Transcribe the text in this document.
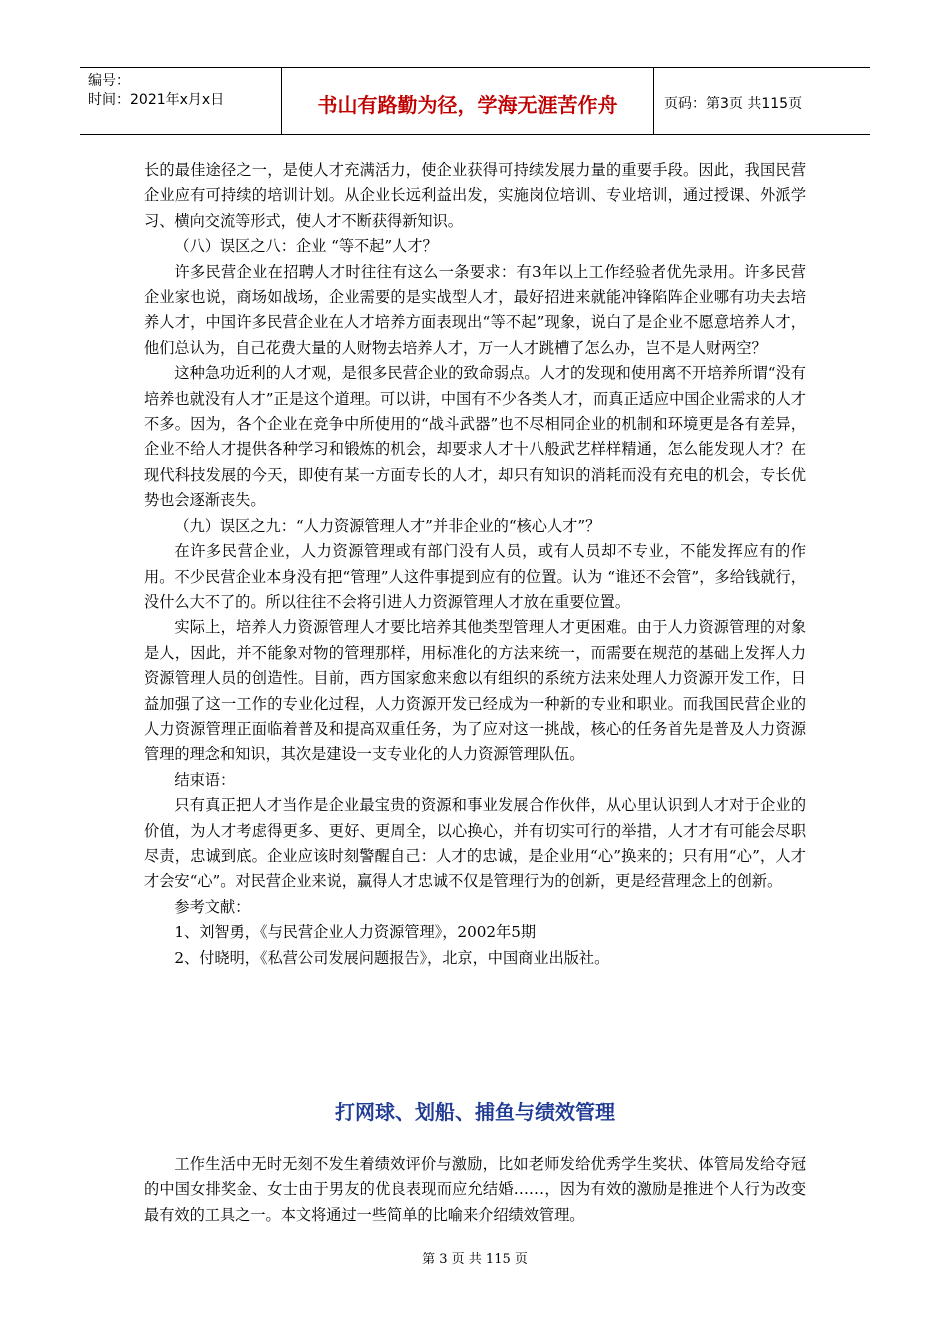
编号：
时间：2021年x月x日	书山有路勤为径，学海无涯苦作舟	页码：第3页 共115页

长的最佳途径之一，是使人才充满活力，使企业获得可持续发展力量的重要手段。因此，我国民营企业应有可持续的培训计划。从企业长远利益出发，实施岗位培训、专业培训，通过授课、外派学习、横向交流等形式，使人才不断获得新知识。

（八）误区之八：企业 “等不起”人才？

许多民营企业在招聘人才时往往有这么一条要求：有3年以上工作经验者优先录用。许多民营企业家也说，商场如战场，企业需要的是实战型人才，最好招进来就能冲锋陷阵企业哪有功夫去培养人才，中国许多民营企业在人才培养方面表现出“等不起”现象，说白了是企业不愿意培养人才，他们总认为，自己花费大量的人财物去培养人才，万一人才跳槽了怎么办，岂不是人财两空？

这种急功近利的人才观，是很多民营企业的致命弱点。人才的发现和使用离不开培养所谓“没有培养也就没有人才”正是这个道理。可以讲，中国有不少各类人才，而真正适应中国企业需求的人才不多。因为，各个企业在竞争中所使用的“战斗武器”也不尽相同企业的机制和环境更是各有差异，企业不给人才提供各种学习和锻炼的机会，却要求人才十八般武艺样样精通，怎么能发现人才？在现代科技发展的今天，即使有某一方面专长的人才，却只有知识的消耗而没有充电的机会，专长优势也会逐渐丧失。

（九）误区之九：“人力资源管理人才”并非企业的“核心人才”？

在许多民营企业，人力资源管理或有部门没有人员，或有人员却不专业，不能发挥应有的作用。不少民营企业本身没有把“管理”人这件事提到应有的位置。认为 “谁还不会管”，多给钱就行，没什么大不了的。所以往往不会将引进人力资源管理人才放在重要位置。

实际上，培养人力资源管理人才要比培养其他类型管理人才更困难。由于人力资源管理的对象是人，因此，并不能象对物的管理那样，用标准化的方法来统一，而需要在规范的基础上发挥人力资源管理人员的创造性。目前，西方国家愈来愈以有组织的系统方法来处理人力资源开发工作，日益加强了这一工作的专业化过程，人力资源开发已经成为一种新的专业和职业。而我国民营企业的人力资源管理正面临着普及和提高双重任务，为了应对这一挑战，核心的任务首先是普及人力资源管理的理念和知识，其次是建设一支专业化的人力资源管理队伍。

结束语：

只有真正把人才当作是企业最宝贵的资源和事业发展合作伙伴，从心里认识到人才对于企业的价值，为人才考虑得更多、更好、更周全，以心换心，并有切实可行的举措，人才才有可能会尽职尽责，忠诚到底。企业应该时刻警醒自己：人才的忠诚，是企业用“心”换来的；只有用“心”，人才才会安“心”。对民营企业来说，赢得人才忠诚不仅是管理行为的创新，更是经营理念上的创新。

参考文献：

1、刘智勇，《与民营企业人力资源管理》，2002年5期

2、付晓明，《私营公司发展问题报告》，北京，中国商业出版社。

打网球、划船、捕鱼与绩效管理
工作生活中无时无刻不发生着绩效评价与激励，比如老师发给优秀学生奖状、体管局发给夺冠的中国女排奖金、女士由于男友的优良表现而应允结婚……，因为有效的激励是推进个人行为改变最有效的工具之一。本文将通过一些简单的比喻来介绍绩效管理。
第 3 页 共 115 页
